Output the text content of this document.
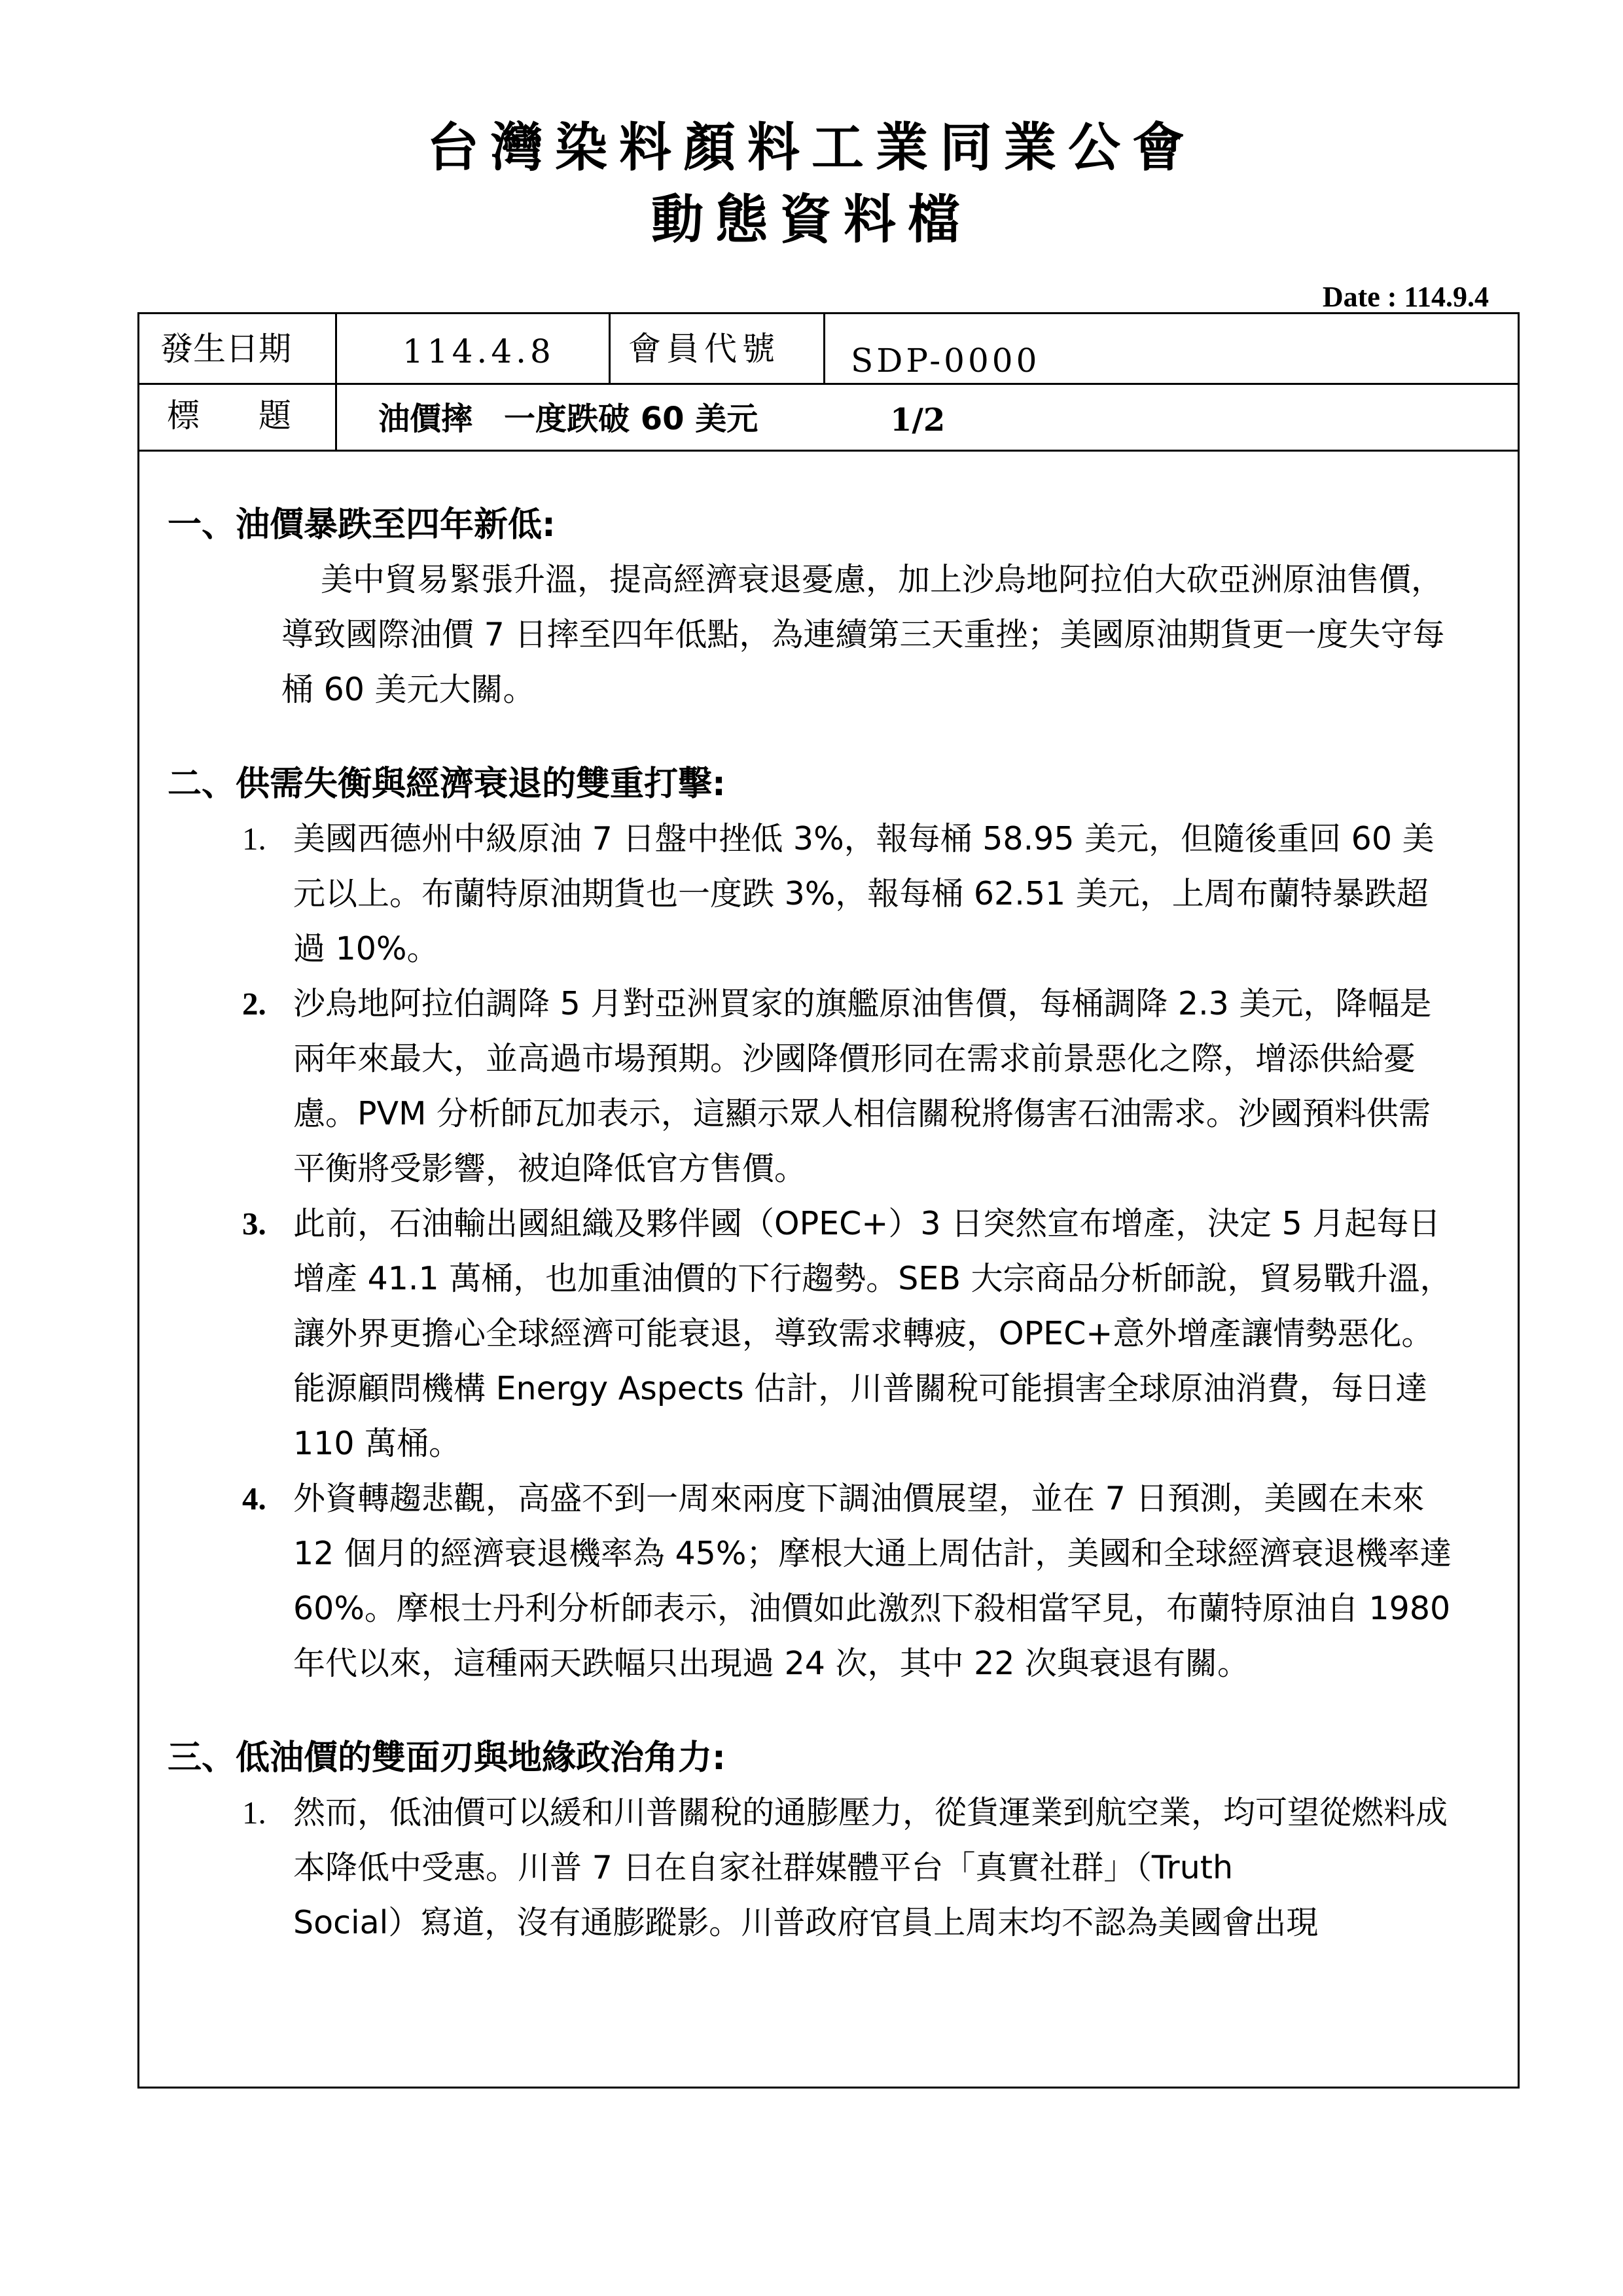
台灣染料顏料工業同業公會
動態資料檔
Date : 114.9.4
發生日期	114.4.8 會員代號 SDP-0000
標　題 油價摔　一度跌破 60 美元	1/2

一、油價暴跌至四年新低:

美中貿易緊張升溫，提高經濟衰退憂慮，加上沙烏地阿拉伯大砍亞洲原油售價，導致國際油價 7 日摔至四年低點，為連續第三天重挫；美國原油期貨更一度失守每桶 60 美元大關。

二、供需失衡與經濟衰退的雙重打擊:

1. 美國西德州中級原油 7 日盤中挫低 3%，報每桶 58.95 美元，但隨後重回 60 美元以上。布蘭特原油期貨也一度跌 3%，報每桶 62.51 美元，上周布蘭特暴跌超過 10%。
2. 沙烏地阿拉伯調降 5 月對亞洲買家的旗艦原油售價，每桶調降 2.3 美元，降幅是兩年來最大，並高過市場預期。沙國降價形同在需求前景惡化之際，增添供給憂慮。PVM 分析師瓦加表示，這顯示眾人相信關稅將傷害石油需求。沙國預料供需平衡將受影響，被迫降低官方售價。
3. 此前，石油輸出國組織及夥伴國（OPEC+）3 日突然宣布增產，決定 5 月起每日增產 41.1 萬桶，也加重油價的下行趨勢。SEB 大宗商品分析師說，貿易戰升溫，讓外界更擔心全球經濟可能衰退，導致需求轉疲，OPEC+意外增產讓情勢惡化。能源顧問機構 Energy Aspects 估計，川普關稅可能損害全球原油消費，每日達 110 萬桶。
4. 外資轉趨悲觀，高盛不到一周來兩度下調油價展望，並在 7 日預測，美國在未來 12 個月的經濟衰退機率為 45%；摩根大通上周估計，美國和全球經濟衰退機率達 60%。摩根士丹利分析師表示，油價如此激烈下殺相當罕見，布蘭特原油自 1980 年代以來，這種兩天跌幅只出現過 24 次，其中 22 次與衰退有關。

三、低油價的雙面刃與地緣政治角力:

1. 然而，低油價可以緩和川普關稅的通膨壓力，從貨運業到航空業，均可望從燃料成本降低中受惠。川普 7 日在自家社群媒體平台「真實社群」（Truth
Social）寫道，沒有通膨蹤影。川普政府官員上周末均不認為美國會出現
